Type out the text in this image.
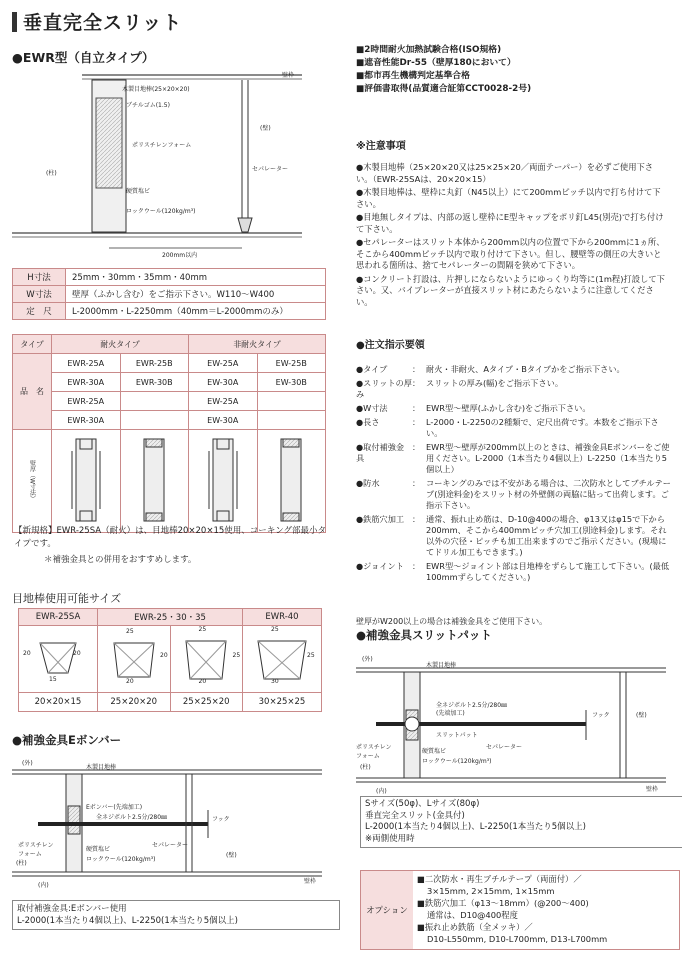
垂直完全スリット
●EWR型（自立タイプ）
壁枠
木製目地棒(25×20×20)
ブチルゴム(1.5)
ポリスチレンフォーム
硬質塩ビ
ロックウール(120kg/m³)
(柱)
(壁)
セパレーター
200mm以内
■2時間耐火加熱試験合格(ISO規格)
■遮音性能Dr-55（壁厚180において）
■都市再生機構判定基準合格
■評価書取得(品質適合証第CCT0028-2号)
H寸法	25mm・30mm・35mm・40mm
W寸法	壁厚（ふかし含む）をご指示下さい。W110～W400
定　尺	L-2000mm・L-2250mm（40mm＝L-2000mmのみ）
※注意事項
●木製目地棒（25×20×20又は25×25×20／両面テーパー）を必ずご使用下さい。（EWR-25SAは、20×20×15）
●木製目地棒は、壁枠に丸釘（N45以上）にて200mmピッチ以内で打ち付けて下さい。
●目地無しタイプは、内部の返し壁枠にE型キャップをポリ釘L45(別売)で打ち付けて下さい。
●セパレーターはスリット本体から200mm以内の位置で下から200mmに1ヵ所、そこから400mmピッチ以内で取り付けて下さい。但し、腰壁等の側圧の大きいと思われる箇所は、捨てセパレーターの間隔を狭めて下さい。
●コンクリート打設は、片押しにならないようにゆっくり均等に(1m程)打設して下さい。又、バイブレーターが直接スリット材にあたらないように注意してください。
タイプ	耐火タイプ		非耐火タイプ	
品　名	EWR-25A	EWR-25B	EW-25A	EW-25B
	EWR-30A	EWR-30B	EW-30A	EW-30B
	EWR-25A		EW-25A	
	EWR-30A		EW-30A	

壁厚（W寸法）

【新規格】EWR-25SA（耐火）は、目地棒20×20×15使用、コーキング部最小タイプです。
＊補強金具との併用をおすすめします。
●注文指示要領
●タイプ	： 耐火・非耐火、Aタイプ・Bタイプかをご指示下さい。
●スリットの厚み
： スリットの厚み(幅)をご指示下さい。
●W寸法	： EWR型～壁厚(ふかし含む)をご指示下さい。
●長さ	： L-2000・L-2250の2種類で、定尺出荷です。本数をご指示下さい。
●取付補強金具
： EWR型～壁厚が200mm以上のときは、補強金具Eボンバーをご使用ください。L-2000（1本当たり4個以上）L-2250（1本当たり5個以上）
●防水	： コーキングのみでは不安がある場合は、二次防水としてブチルテープ(別途料金)をスリット材の外壁側の両脇に貼って出荷します。ご指示下さい。
●鉄筋穴加工 ： 通常、振れ止め筋は、D-10@400の場合、φ13又はφ15で下から200mm、そこから400mmピッチ穴加工(別途料金)します。それ以外の穴径・ピッチも加工出来ますのでご指示ください。(現場にてドリル加工もできます。)
●ジョイント ： EWR型～ジョイント部は目地棒をずらして施工して下さい。(最低100mmずらしてください。)
目地棒使用可能サイズ
EWR-25SA	EWR-25・30・35		EWR-40

20 20
15	25
20
20	25
25
20	25
25
30

20×20×15	25×20×20	25×25×20	30×25×25
壁厚がW200以上の場合は補強金具をご使用下さい。
●補強金具スリットパット
(外)
木製目地棒
全ネジボルト2.5分/280㎜
(先端加工)
スリットパット
ポリスチレンフォーム
硬質塩ビ
セパレーター
ロックウール(120kg/m³)
フック	(壁)
(柱)
(内)	壁枠
Sサイズ(50φ)、Lサイズ(80φ)
垂直完全スリット(金具付)
L-2000(1本当たり4個以上)、L-2250(1本当たり5個以上)
※両側使用時
●補強金具Eボンバー
(外)
木製目地棒
Eボンバー(先端加工)
全ネジボルト2.5分/280㎜
ポリスチレンフォーム
硬質塩ビ
セパレーター
ロックウール(120kg/m³)
フック
(壁)
(柱)
(内)
壁枠
取付補強金具:Eボンバー使用
L-2000(1本当たり4個以上)、L-2250(1本当たり5個以上)
オプション
■二次防水・再生ブチルテープ（両面付）／
3×15mm, 2×15mm, 1×15mm
■鉄筋穴加工（φ13～18mm）(@200～400)
通常は、D10@400程度
■振れ止め鉄筋（全メッキ）／
D10-L550mm, D10-L700mm, D13-L700mm
